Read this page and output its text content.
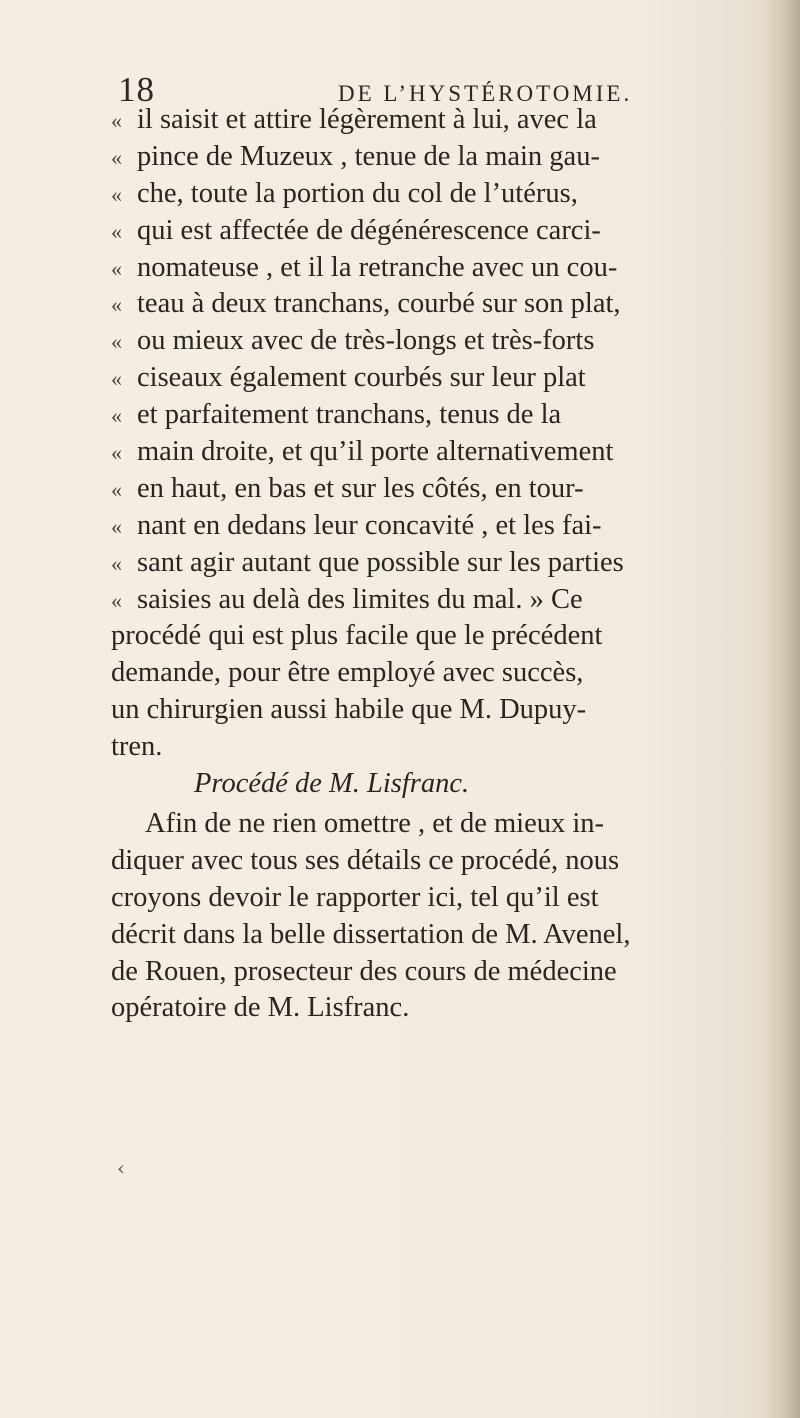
18	DE L’HYSTÉROTOMIE.
« il saisit et attire légèrement à lui, avec la
« pince de Muzeux , tenue de la main gau-
« che, toute la portion du col de l’utérus,
« qui est affectée de dégénérescence carci-
« nomateuse , et il la retranche avec un cou-
« teau à deux tranchans, courbé sur son plat,
« ou mieux avec de très-longs et très-forts
« ciseaux également courbés sur leur plat
« et parfaitement tranchans, tenus de la
« main droite, et qu’il porte alternativement
« en haut, en bas et sur les côtés, en tour-
« nant en dedans leur concavité , et les fai-
« sant agir autant que possible sur les parties
« saisies au delà des limites du mal. » Ce
procédé qui est plus facile que le précédent
demande, pour être employé avec succès,
un chirurgien aussi habile que M. Dupuy-
tren.
Procédé de M. Lisfranc.
Afin de ne rien omettre , et de mieux in-
diquer avec tous ses détails ce procédé, nous
croyons devoir le rapporter ici, tel qu’il est
décrit dans la belle dissertation de M. Avenel,
de Rouen, prosecteur des cours de médecine
opératoire de M. Lisfranc.
‹
